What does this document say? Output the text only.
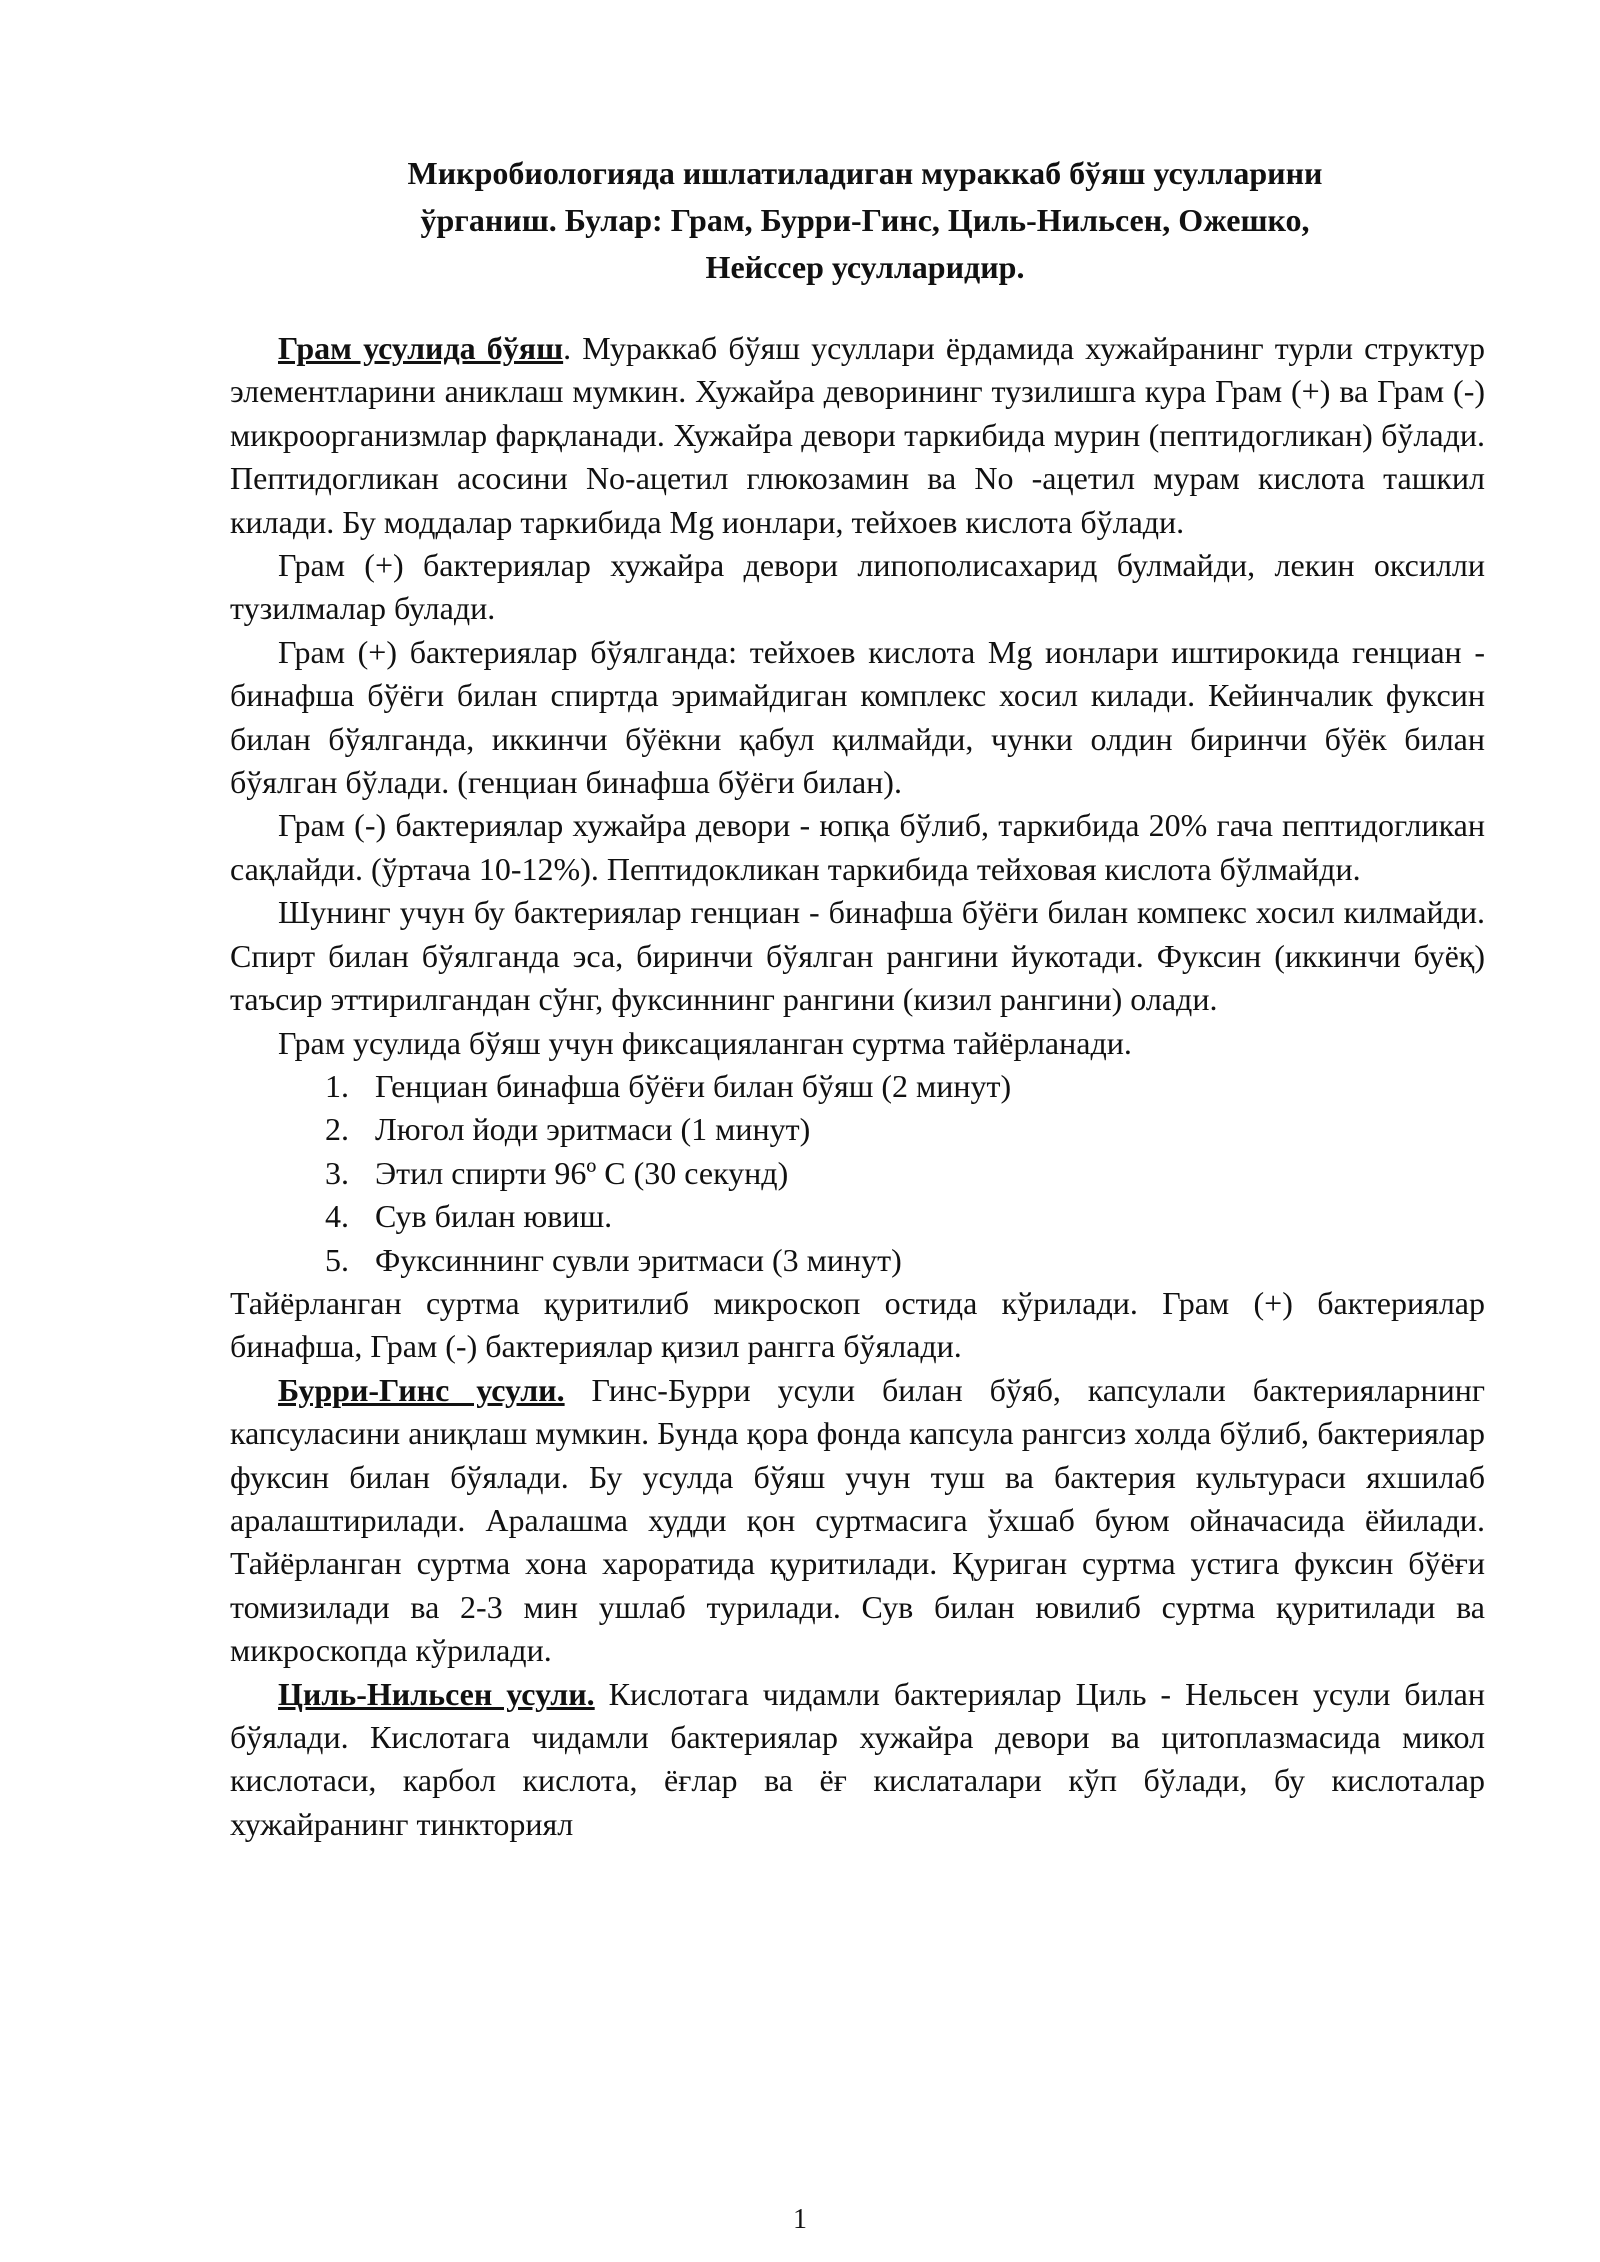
Микробиологияда ишлатиладиган мураккаб бўяш усулларини
ўрганиш. Булар: Грам, Бурри-Гинс, Циль-Нильсен, Ожешко,
Нейссер усулларидир.

Грам усулида бўяш. Мураккаб бўяш усуллари ёрдамида хужайранинг турли структур элементларини аниклаш мумкин. Хужайра деворининг тузилишга кура Грам (+) ва Грам (-) микроорганизмлар фарқланади. Хужайра девори таркибида мурин (пептидогликан) бўлади. Пептидогликан асосини Nо-ацетил глюкозамин ва Nо -ацетил мурам кислота ташкил килади. Бу моддалар таркибида Mg ионлари, тейхоев кислота бўлади.

Грам (+) бактериялар хужайра девори липополисахарид булмайди, лекин оксилли тузилмалар булади.

Грам (+) бактериялар бўялганда: тейхоев кислота Mg ионлари иштирокида генциан - бинафша бўёги билан спиртда эримайдиган комплекс хосил килади. Кейинчалик фуксин билан бўялганда, иккинчи бўёкни қабул қилмайди, чунки олдин биринчи бўёк билан бўялган бўлади. (генциан бинафша бўёги билан).

Грам (-) бактериялар хужайра девори - юпқа бўлиб, таркибида 20% гача пептидогликан сақлайди. (ўртача 10-12%). Пептидокликан таркибида тейховая кислота бўлмайди.

Шунинг учун бу бактериялар генциан - бинафша бўёги билан компекс хосил килмайди. Спирт билан бўялганда эса, биринчи бўялган рангини йукотади. Фуксин (иккинчи буёқ) таъсир эттирилгандан сўнг, фуксиннинг рангини (кизил рангини) олади.

Грам усулида бўяш учун фиксацияланган суртма тайёрланади.

1. Генциан бинафша бўёғи билан бўяш (2 минут)
2. Люгол йоди эритмаси (1 минут)
3. Этил спирти 96º С (30 секунд)
4. Сув билан ювиш.
5. Фуксиннинг сувли эритмаси (3 минут)

Тайёрланган суртма қуритилиб микроскоп остида кўрилади. Грам (+) бактериялар бинафша, Грам (-) бактериялар қизил рангга бўялади.

Бурри-Гинс усули. Гинс-Бурри усули билан бўяб, капсулали бактерияларнинг капсуласини аниқлаш мумкин. Бунда қора фонда капсула рангсиз холда бўлиб, бактериялар фуксин билан бўялади. Бу усулда бўяш учун туш ва бактерия культураси яхшилаб аралаштирилади. Аралашма худди қон суртмасига ўхшаб буюм ойначасида ёйилади. Тайёрланган суртма хона хароратида қуритилади. Қуриган суртма устига фуксин бўёғи томизилади ва 2-3 мин ушлаб турилади. Сув билан ювилиб суртма қуритилади ва микроскопда кўрилади.

Циль-Нильсен усули. Кислотага чидамли бактериялар Циль - Нельсен усули билан бўялади. Кислотага чидамли бактериялар хужайра девори ва цитоплазмасида микол кислотаси, карбол кислота, ёғлар ва ёғ кислаталари кўп бўлади, бу кислоталар хужайранинг тинкториял

1
